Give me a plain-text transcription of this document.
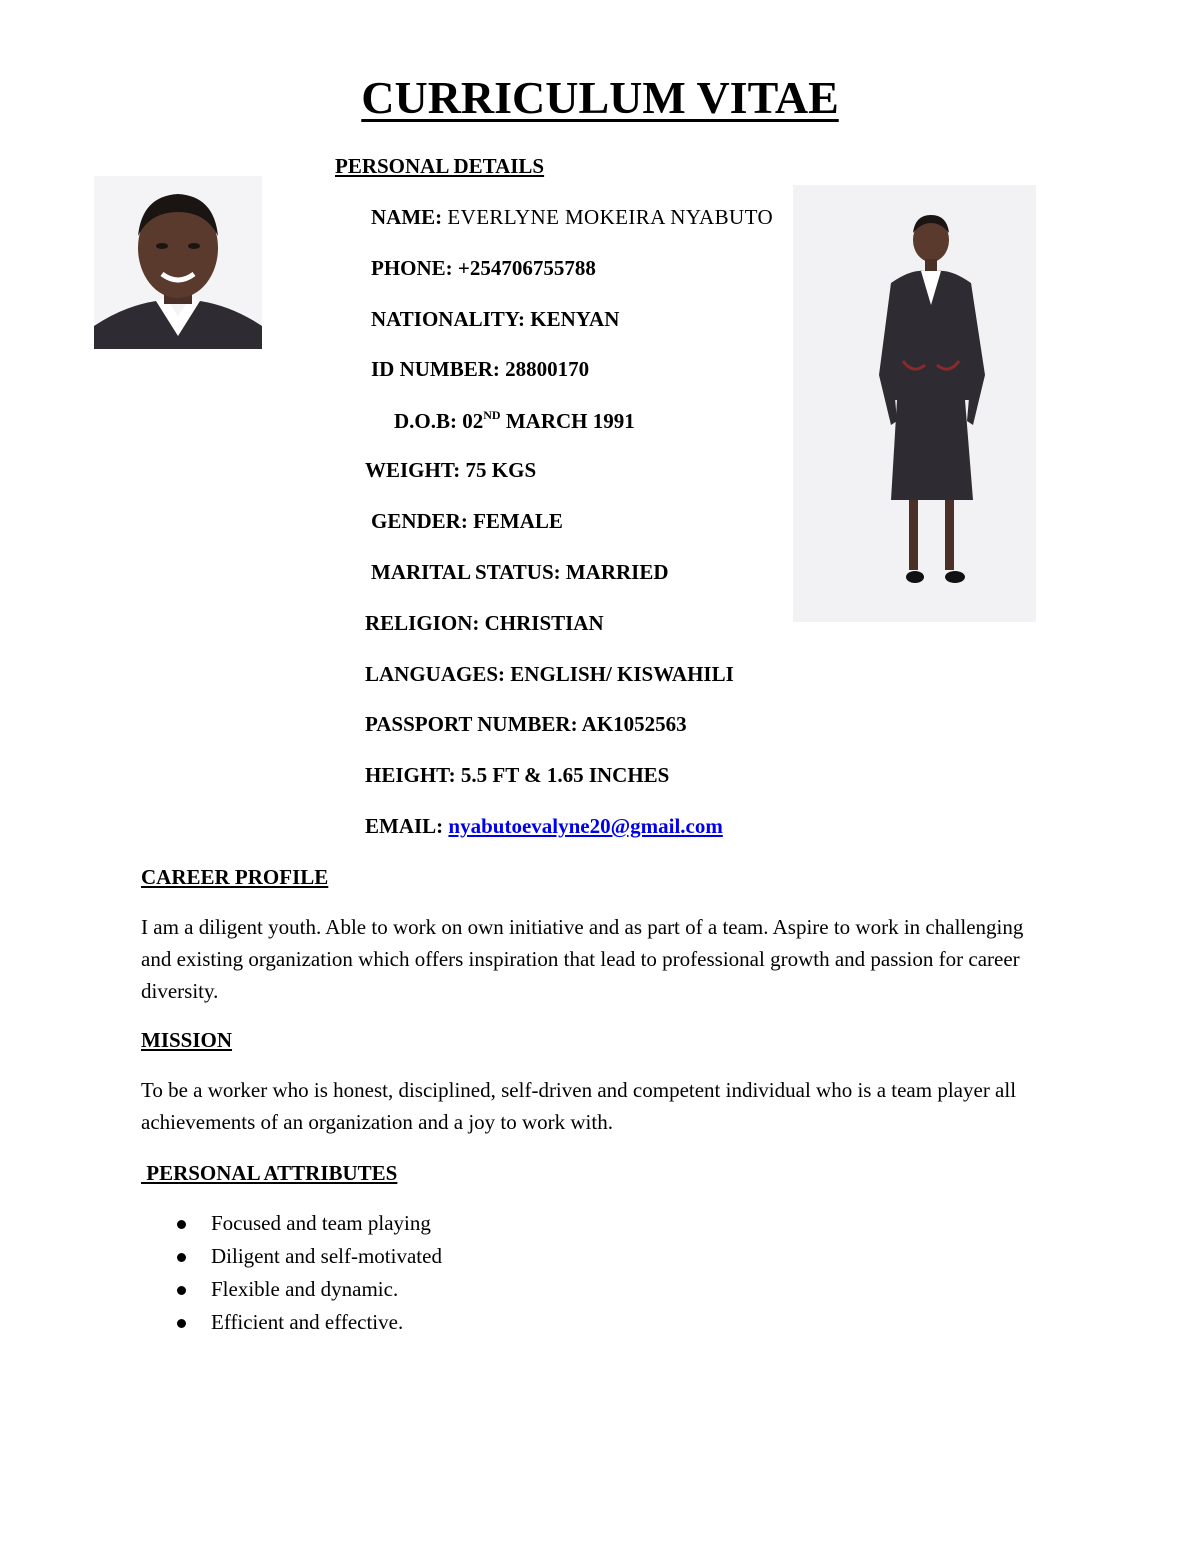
CURRICULUM VITAE

PERSONAL DETAILS

NAME: EVERLYNE MOKEIRA NYABUTO

PHONE: +254706755788

NATIONALITY: KENYAN

ID NUMBER: 28800170

D.O.B: 02ND MARCH 1991

WEIGHT: 75 KGS

GENDER: FEMALE

MARITAL STATUS: MARRIED

RELIGION: CHRISTIAN

LANGUAGES: ENGLISH/ KISWAHILI

PASSPORT NUMBER: AK1052563

HEIGHT: 5.5 FT & 1.65 INCHES

EMAIL: nyabutoevalyne20@gmail.com

CAREER PROFILE

I am a diligent youth. Able to work on own initiative and as part of a team. Aspire to work in challenging and existing organization which offers inspiration that lead to professional growth and passion for career diversity.

MISSION

To be a worker who is honest, disciplined, self-driven and competent individual who is a team player all achievements of an organization and a joy to work with.

PERSONAL ATTRIBUTES

Focused and team playing
Diligent and self-motivated
Flexible and dynamic.
Efficient and effective.
